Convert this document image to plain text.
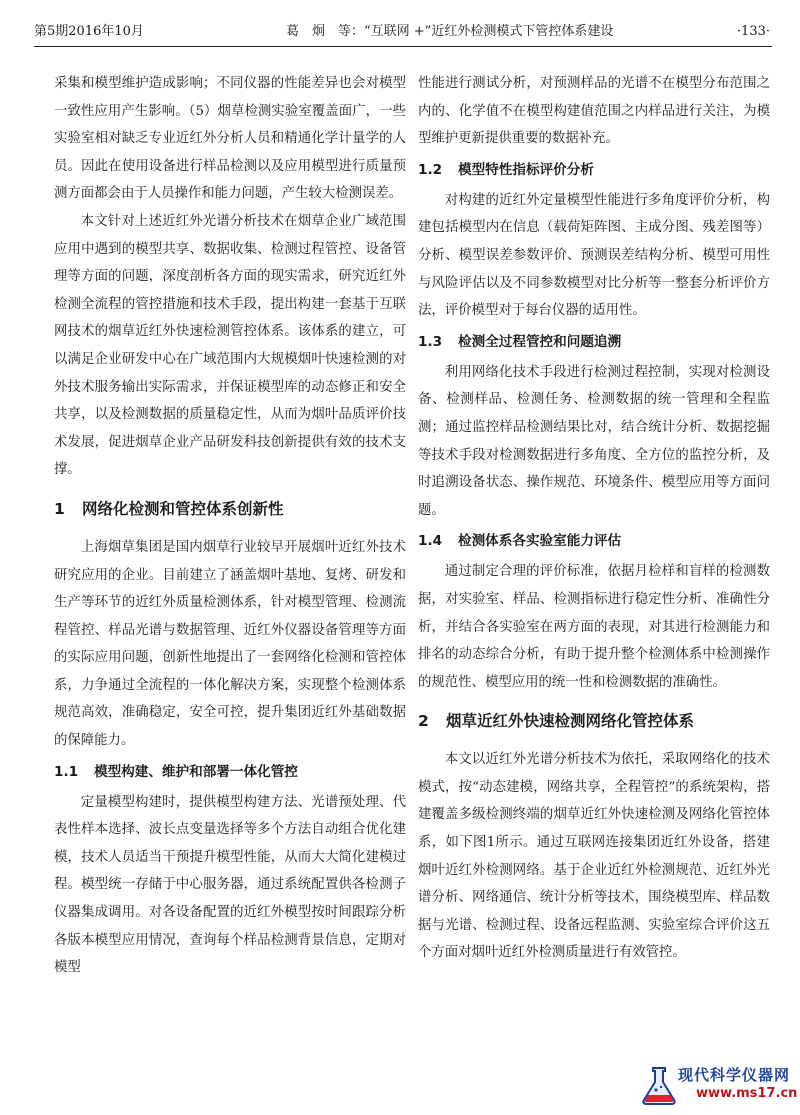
第5期2016年10月	葛　炯　等：“互联网 +”近红外检测模式下管控体系建设	·133·

采集和模型维护造成影响；不同仪器的性能差异也会对模型一致性应用产生影响。（5）烟草检测实验室覆盖面广，一些实验室相对缺乏专业近红外分析人员和精通化学计量学的人员。因此在使用设备进行样品检测以及应用模型进行质量预测方面都会由于人员操作和能力问题，产生较大检测误差。

本文针对上述近红外光谱分析技术在烟草企业广域范围应用中遇到的模型共享、数据收集、检测过程管控、设备管理等方面的问题，深度剖析各方面的现实需求，研究近红外检测全流程的管控措施和技术手段，提出构建一套基于互联网技术的烟草近红外快速检测管控体系。该体系的建立，可以满足企业研发中心在广域范围内大规模烟叶快速检测的对外技术服务输出实际需求，并保证模型库的动态修正和安全共享，以及检测数据的质量稳定性，从而为烟叶品质评价技术发展，促进烟草企业产品研发科技创新提供有效的技术支撑。

1 网络化检测和管控体系创新性

上海烟草集团是国内烟草行业较早开展烟叶近红外技术研究应用的企业。目前建立了涵盖烟叶基地、复烤、研发和生产等环节的近红外质量检测体系，针对模型管理、检测流程管控、样品光谱与数据管理、近红外仪器设备管理等方面的实际应用问题，创新性地提出了一套网络化检测和管控体系，力争通过全流程的一体化解决方案，实现整个检测体系规范高效，准确稳定，安全可控，提升集团近红外基础数据的保障能力。

1.1 模型构建、维护和部署一体化管控

定量模型构建时，提供模型构建方法、光谱预处理、代表性样本选择、波长点变量选择等多个方法自动组合优化建模，技术人员适当干预提升模型性能，从而大大简化建模过程。模型统一存储于中心服务器，通过系统配置供各检测子仪器集成调用。对各设备配置的近红外模型按时间跟踪分析各版本模型应用情况，查询每个样品检测背景信息，定期对模型

性能进行测试分析，对预测样品的光谱不在模型分布范围之内的、化学值不在模型构建值范围之内样品进行关注，为模型维护更新提供重要的数据补充。

1.2 模型特性指标评价分析

对构建的近红外定量模型性能进行多角度评价分析，构建包括模型内在信息（载荷矩阵图、主成分图、残差图等）分析、模型误差参数评价、预测误差结构分析、模型可用性与风险评估以及不同参数模型对比分析等一整套分析评价方法，评价模型对于每台仪器的适用性。

1.3 检测全过程管控和问题追溯

利用网络化技术手段进行检测过程控制，实现对检测设备、检测样品、检测任务、检测数据的统一管理和全程监测；通过监控样品检测结果比对，结合统计分析、数据挖掘等技术手段对检测数据进行多角度、全方位的监控分析，及时追溯设备状态、操作规范、环境条件、模型应用等方面问题。

1.4 检测体系各实验室能力评估

通过制定合理的评价标准，依据月检样和盲样的检测数据，对实验室、样品、检测指标进行稳定性分析、准确性分析，并结合各实验室在两方面的表现，对其进行检测能力和排名的动态综合分析，有助于提升整个检测体系中检测操作的规范性、模型应用的统一性和检测数据的准确性。

2 烟草近红外快速检测网络化管控体系

本文以近红外光谱分析技术为依托，采取网络化的技术模式，按“动态建模，网络共享，全程管控”的系统架构，搭建覆盖多级检测终端的烟草近红外快速检测及网络化管控体系，如下图1所示。通过互联网连接集团近红外设备，搭建烟叶近红外检测网络。基于企业近红外检测规范、近红外光谱分析、网络通信、统计分析等技术，围绕模型库、样品数据与光谱、检测过程、设备远程监测、实验室综合评价这五个方面对烟叶近红外检测质量进行有效管控。

现代科学仪器网
www.ms17.cn
